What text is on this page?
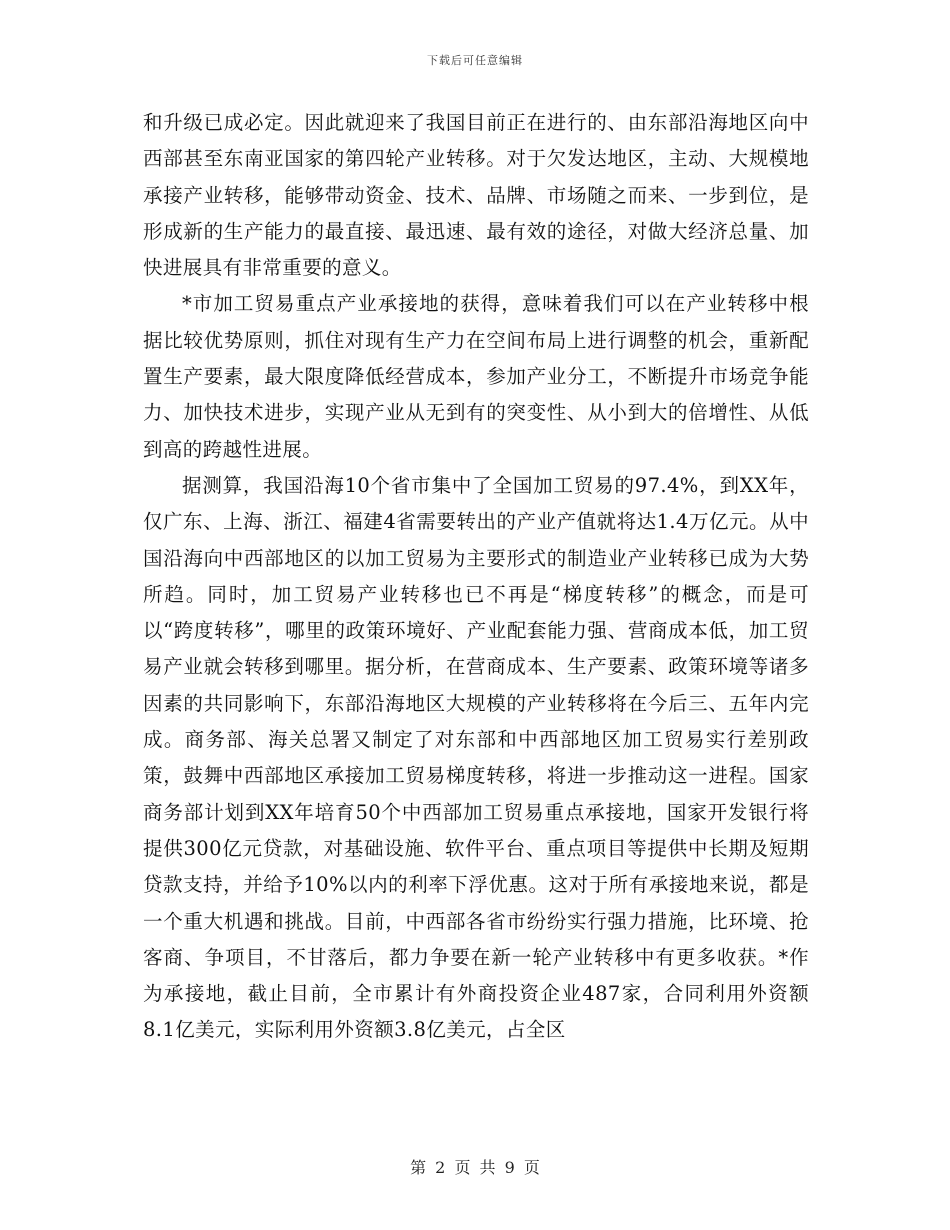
下载后可任意编辑

和升级已成必定。因此就迎来了我国目前正在进行的、由东部沿海地区向中西部甚至东南亚国家的第四轮产业转移。对于欠发达地区，主动、大规模地承接产业转移，能够带动资金、技术、品牌、市场随之而来、一步到位，是形成新的生产能力的最直接、最迅速、最有效的途径，对做大经济总量、加快进展具有非常重要的意义。

*市加工贸易重点产业承接地的获得，意味着我们可以在产业转移中根据比较优势原则，抓住对现有生产力在空间布局上进行调整的机会，重新配置生产要素，最大限度降低经营成本，参加产业分工，不断提升市场竞争能力、加快技术进步，实现产业从无到有的突变性、从小到大的倍增性、从低到高的跨越性进展。

据测算，我国沿海10个省市集中了全国加工贸易的97.4%，到XX年，仅广东、上海、浙江、福建4省需要转出的产业产值就将达1.4万亿元。从中国沿海向中西部地区的以加工贸易为主要形式的制造业产业转移已成为大势所趋。同时，加工贸易产业转移也已不再是“梯度转移”的概念，而是可以“跨度转移”，哪里的政策环境好、产业配套能力强、营商成本低，加工贸易产业就会转移到哪里。据分析，在营商成本、生产要素、政策环境等诸多因素的共同影响下，东部沿海地区大规模的产业转移将在今后三、五年内完成。商务部、海关总署又制定了对东部和中西部地区加工贸易实行差别政策，鼓舞中西部地区承接加工贸易梯度转移，将进一步推动这一进程。国家商务部计划到XX年培育50个中西部加工贸易重点承接地，国家开发银行将提供300亿元贷款，对基础设施、软件平台、重点项目等提供中长期及短期贷款支持，并给予10%以内的利率下浮优惠。这对于所有承接地来说，都是一个重大机遇和挑战。目前，中西部各省市纷纷实行强力措施，比环境、抢客商、争项目，不甘落后，都力争要在新一轮产业转移中有更多收获。*作为承接地，截止目前，全市累计有外商投资企业487家，合同利用外资额8.1亿美元，实际利用外资额3.8亿美元，占全区

第 2 页 共 9 页
